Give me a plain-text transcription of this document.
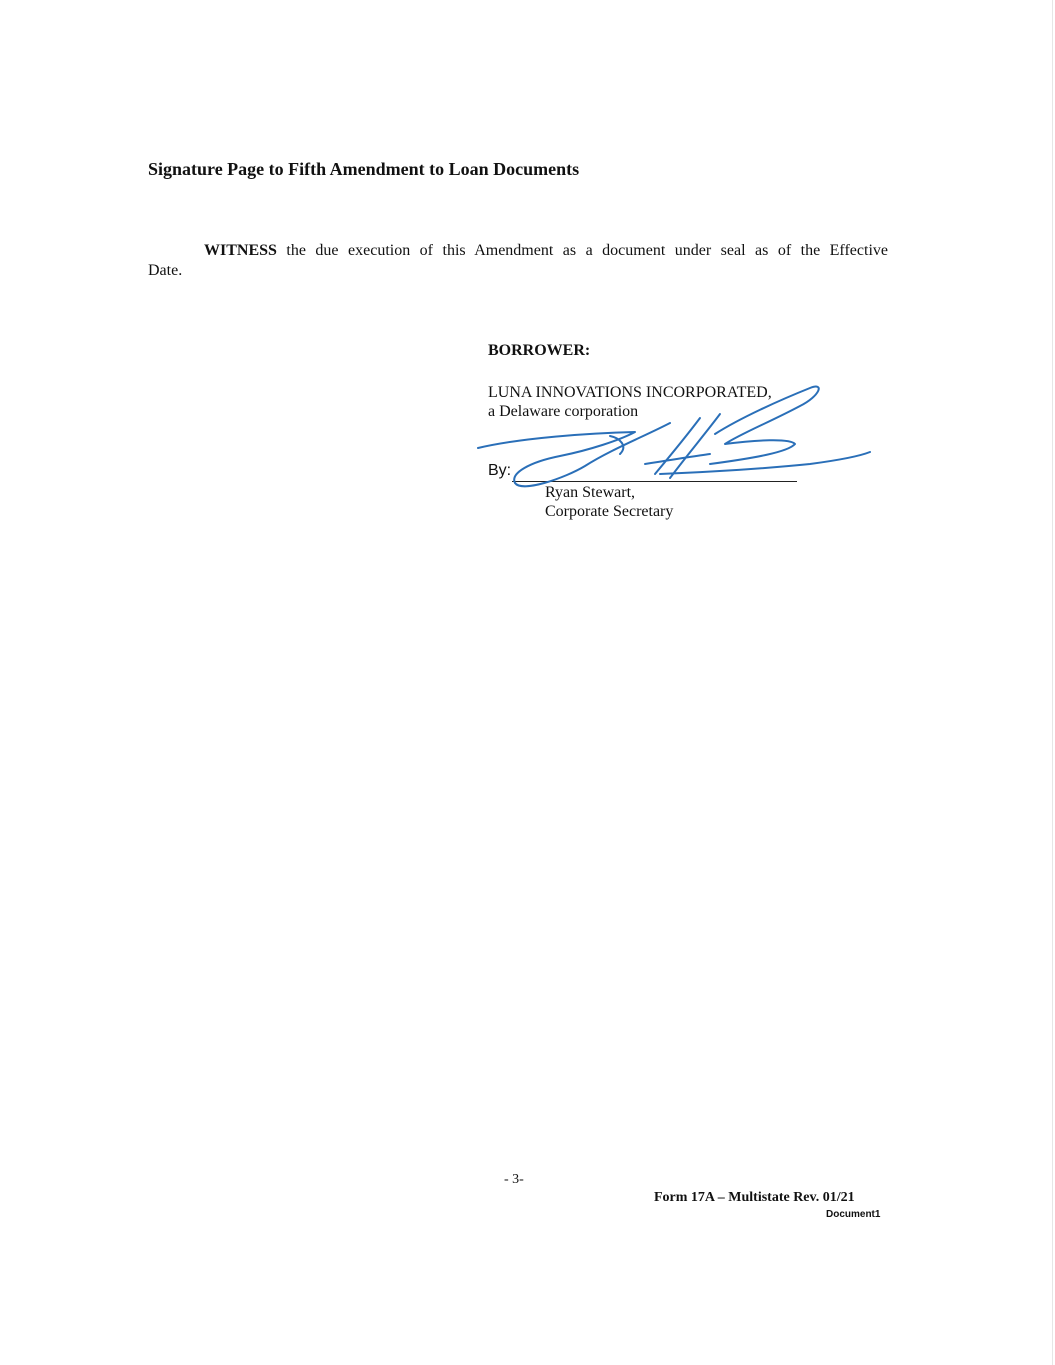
Signature Page to Fifth Amendment to Loan Documents
WITNESS the due execution of this Amendment as a document under seal as of the Effective
Date.
BORROWER:
LUNA INNOVATIONS INCORPORATED,
a Delaware corporation
By:
Ryan Stewart,
Corporate Secretary
- 3-
Form 17A – Multistate Rev. 01/21
Document1
